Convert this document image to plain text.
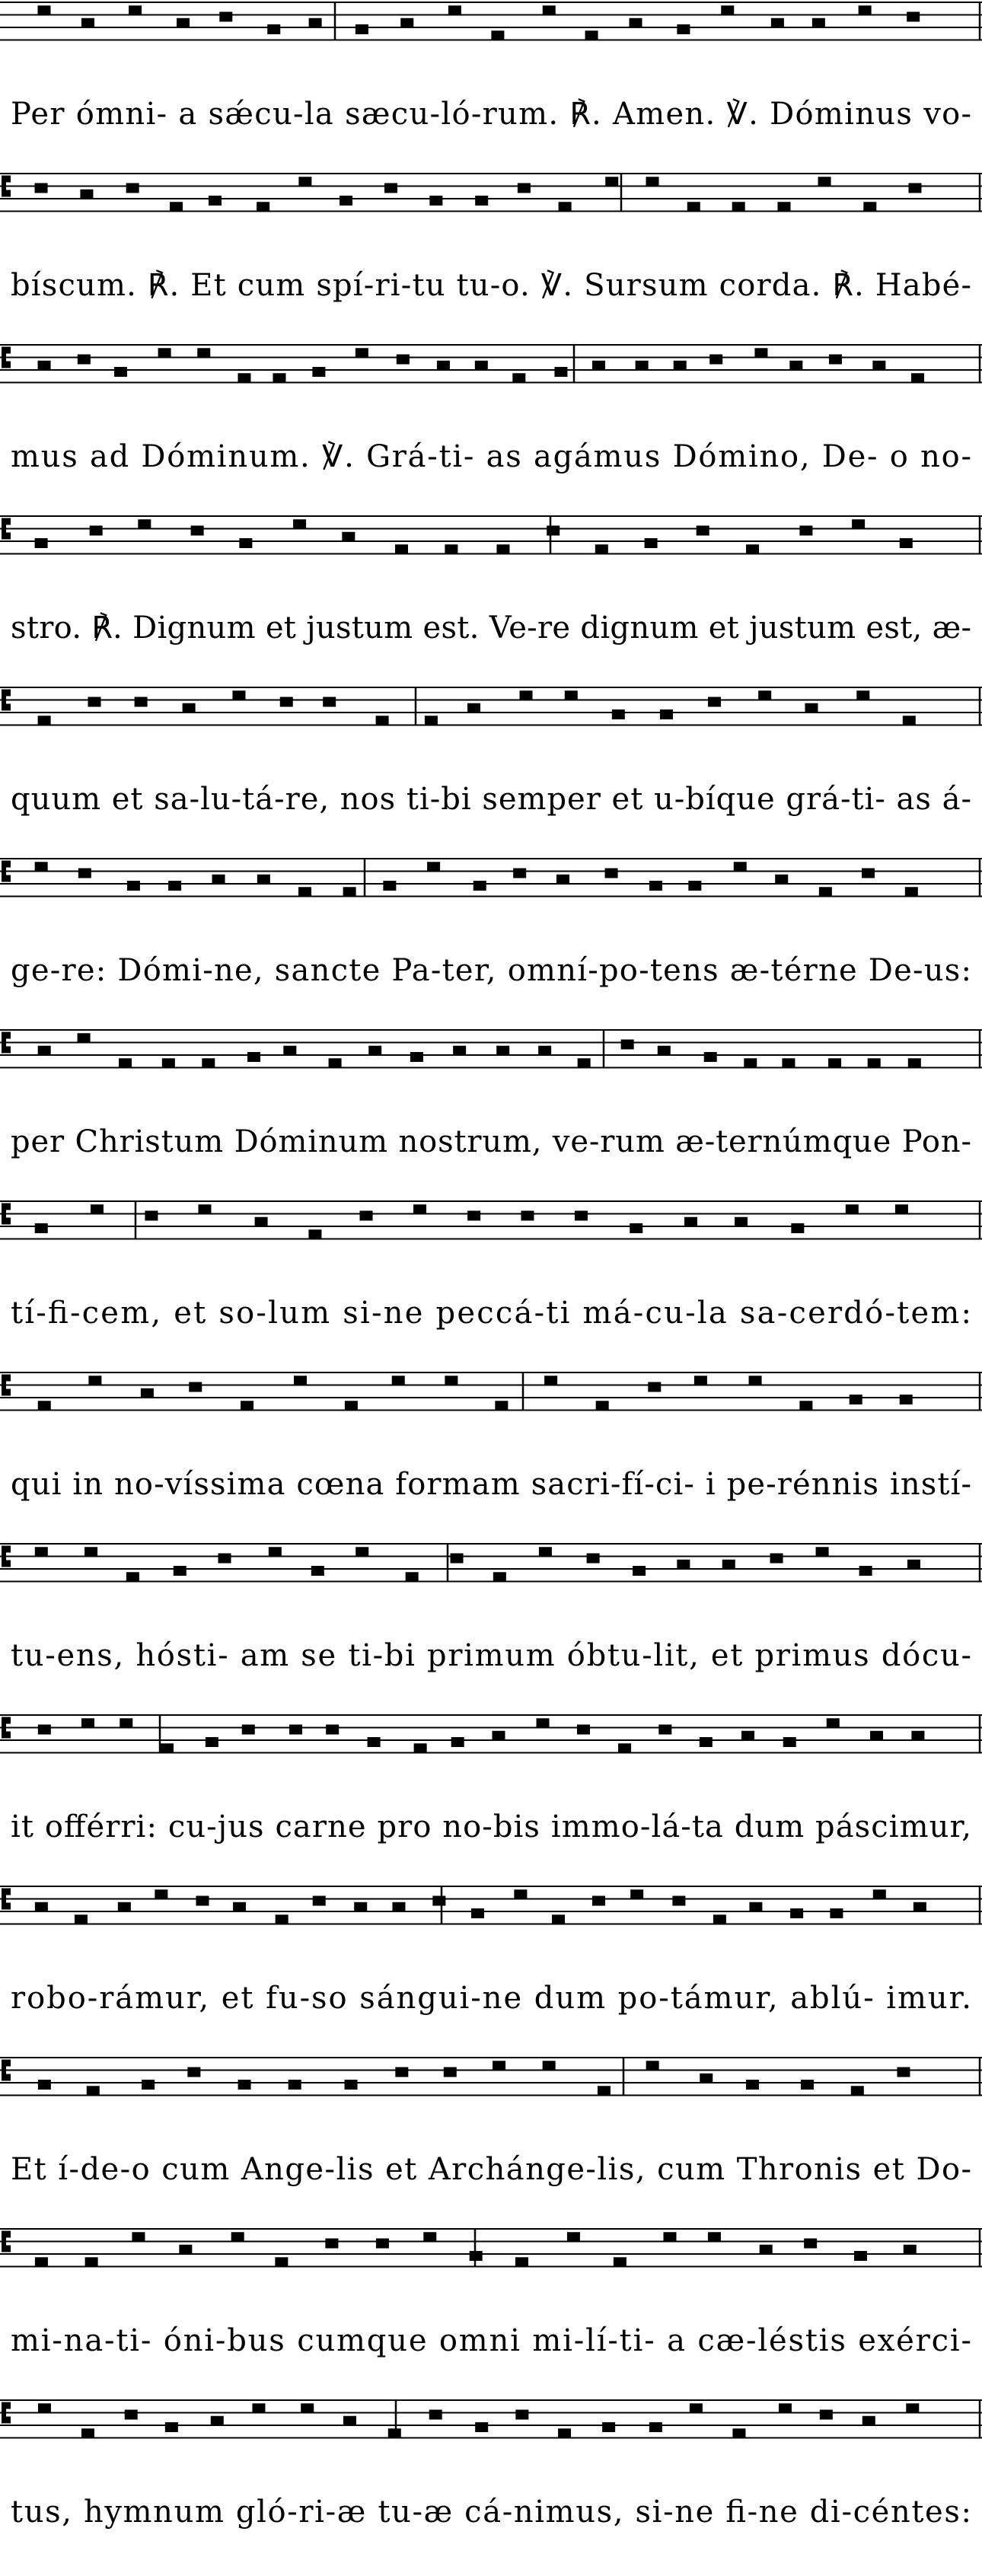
Per ómni- a sǽcu-la sæcu-ló-rum. ℟. Amen. ℣. Dóminus vo-
bíscum. ℟. Et cum spí-ri-tu tu-o. ℣. Sursum corda. ℟. Habé-
mus ad Dóminum. ℣. Grá-ti- as agámus Dómino, De- o no-
stro. ℟. Dignum et justum est. Ve-re dignum et justum est, æ-
quum et sa-lu-tá-re, nos ti-bi semper et u-bíque grá-ti- as á-
ge-re: Dómi-ne, sancte Pa-ter, omní-po-tens æ-térne De-us:
per Christum Dóminum nostrum, ve-rum æ-ternúmque Pon-
tí-fi-cem, et so-lum si-ne peccá-ti má-cu-la sa-cerdó-tem:
qui in no-víssima cœna formam sacri-fí-ci- i pe-rénnis instí-
tu-ens, hósti- am se ti-bi primum óbtu-lit, et primus dócu-
it offérri: cu-jus carne pro no-bis immo-lá-ta dum páscimur,
robo-rámur, et fu-so sángui-ne dum po-támur, ablú- imur.
Et í-de-o cum Ange-lis et Archánge-lis, cum Thronis et Do-
mi-na-ti- óni-bus cumque omni mi-lí-ti- a cæ-léstis exérci-
tus, hymnum gló-ri-æ tu-æ cá-nimus, si-ne fi-ne di-céntes:
